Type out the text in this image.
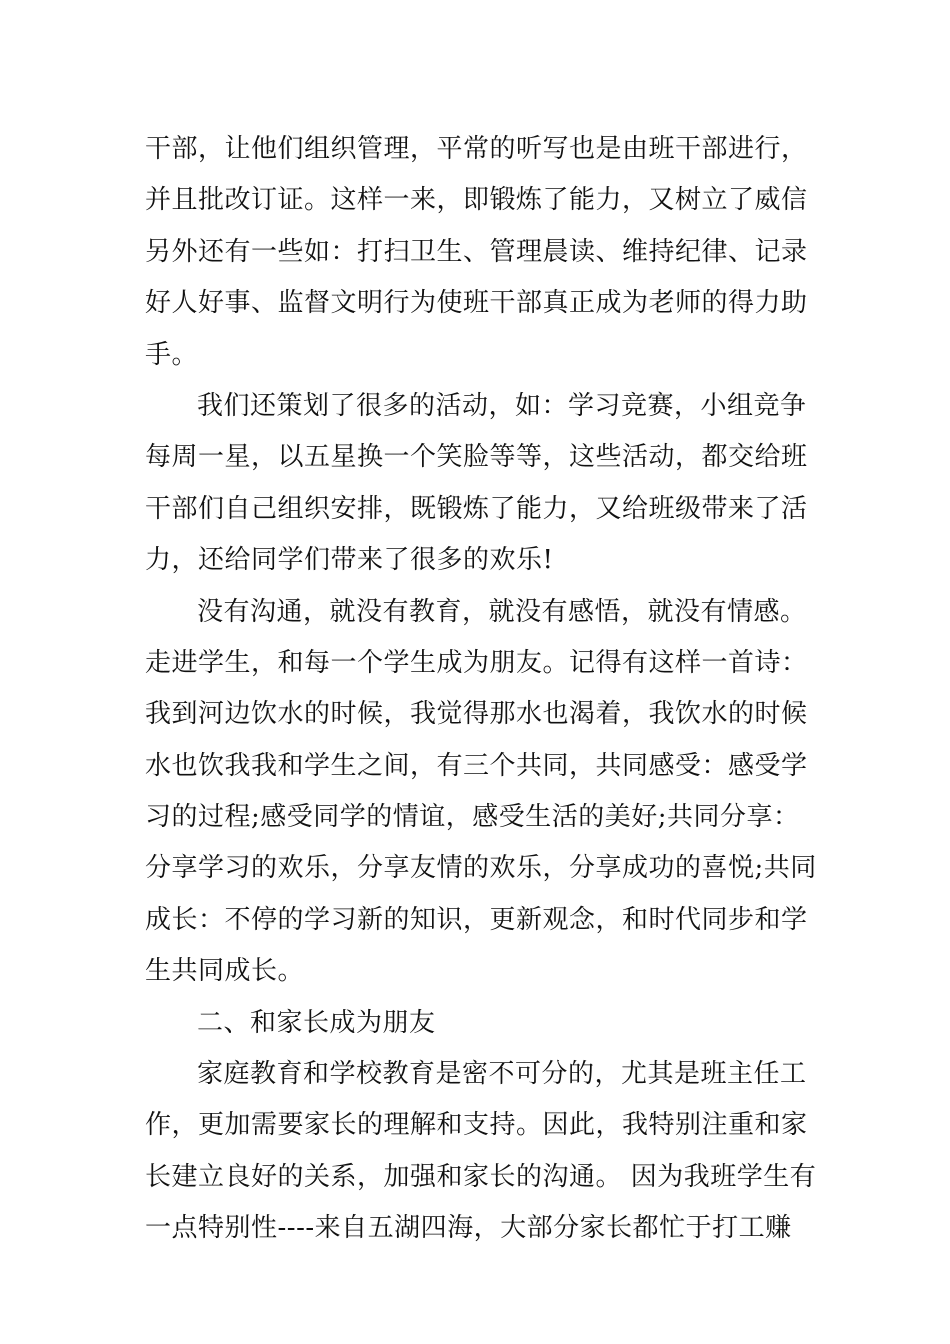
干部，让他们组织管理，平常的听写也是由班干部进行，
并且批改订证。这样一来，即锻炼了能力，又树立了威信
另外还有一些如：打扫卫生、管理晨读、维持纪律、记录
好人好事、监督文明行为使班干部真正成为老师的得力助
手。
我们还策划了很多的活动，如：学习竞赛，小组竞争
每周一星，以五星换一个笑脸等等，这些活动，都交给班
干部们自己组织安排，既锻炼了能力，又给班级带来了活
力，还给同学们带来了很多的欢乐!
没有沟通，就没有教育，就没有感悟，就没有情感。
走进学生，和每一个学生成为朋友。记得有这样一首诗：
我到河边饮水的时候，我觉得那水也渴着，我饮水的时候
水也饮我我和学生之间，有三个共同，共同感受：感受学
习的过程;感受同学的情谊，感受生活的美好;共同分享：
分享学习的欢乐，分享友情的欢乐，分享成功的喜悦;共同
成长：不停的学习新的知识，更新观念，和时代同步和学
生共同成长。
二、和家长成为朋友
家庭教育和学校教育是密不可分的，尤其是班主任工
作，更加需要家长的理解和支持。因此，我特别注重和家
长建立良好的关系，加强和家长的沟通。 因为我班学生有
一点特别性----来自五湖四海，大部分家长都忙于打工赚
